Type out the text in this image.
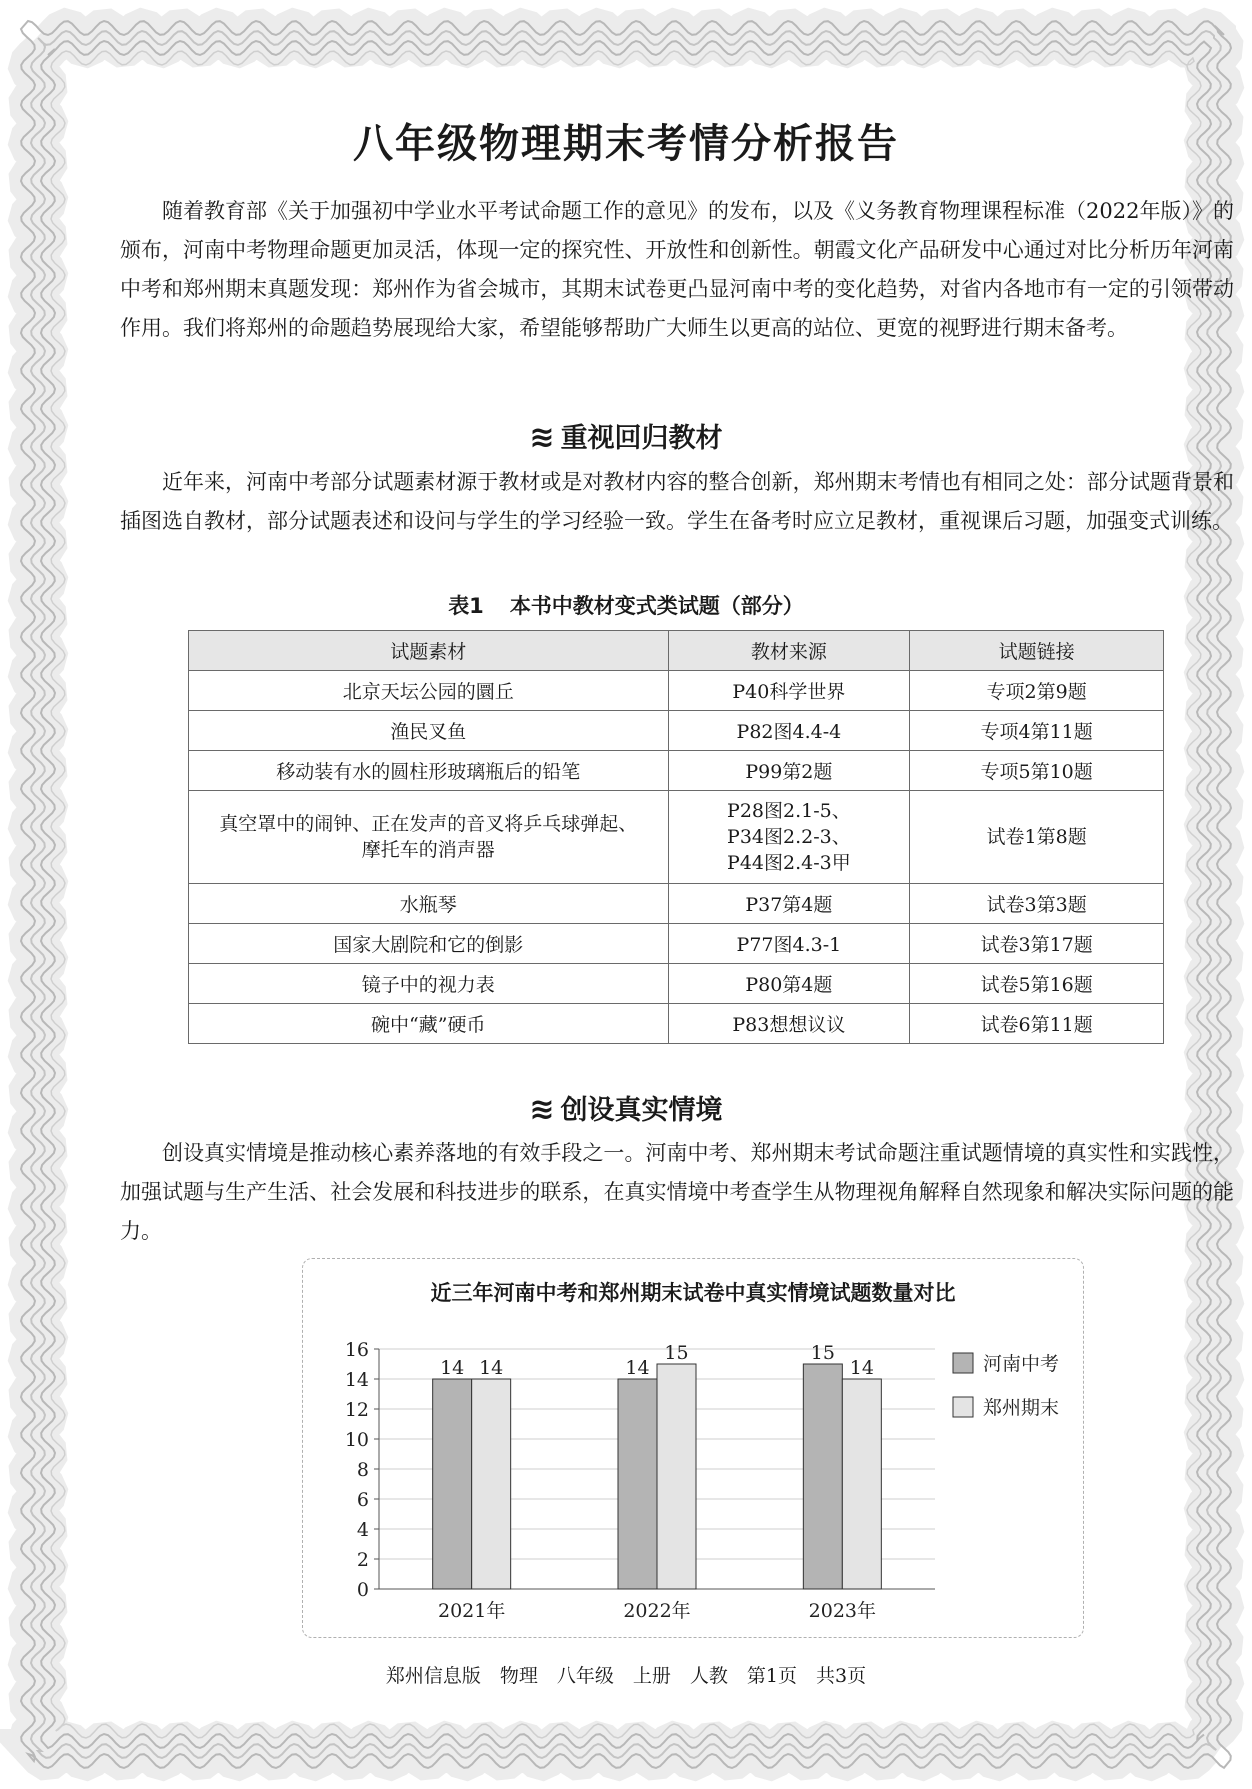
八年级物理期末考情分析报告

随着教育部《关于加强初中学业水平考试命题工作的意见》的发布，以及《义务教育物理课程标准（2022年版）》的颁布，河南中考物理命题更加灵活，体现一定的探究性、开放性和创新性。朝霞文化产品研发中心通过对比分析历年河南中考和郑州期末真题发现：郑州作为省会城市，其期末试卷更凸显河南中考的变化趋势，对省内各地市有一定的引领带动作用。我们将郑州的命题趋势展现给大家，希望能够帮助广大师生以更高的站位、更宽的视野进行期末备考。

≋ 重视回归教材

近年来，河南中考部分试题素材源于教材或是对教材内容的整合创新，郑州期末考情也有相同之处：部分试题背景和插图选自教材，部分试题表述和设问与学生的学习经验一致。学生在备考时应立足教材，重视课后习题，加强变式训练。

表1 本书中教材变式类试题（部分）
试题素材	教材来源	试题链接

北京天坛公园的圜丘	P40科学世界	专项2第9题

渔民叉鱼	P82图4.4-4	专项4第11题

移动装有水的圆柱形玻璃瓶后的铅笔	P99第2题	专项5第10题

真空罩中的闹钟、正在发声的音叉将乒乓球弹起、
摩托车的消声器	P28图2.1-5、
P34图2.2-3、
P44图2.4-3甲	试卷1第8题

水瓶琴	P37第4题	试卷3第3题

国家大剧院和它的倒影	P77图4.3-1	试卷3第17题

镜子中的视力表	P80第4题	试卷5第16题

碗中“藏”硬币	P83想想议议	试卷6第11题
≋ 创设真实情境

创设真实情境是推动核心素养落地的有效手段之一。河南中考、郑州期末考试命题注重试题情境的真实性和实践性，加强试题与生产生活、社会发展和科技进步的联系，在真实情境中考查学生从物理视角解释自然现象和解决实际问题的能力。

近三年河南中考和郑州期末试卷中真实情境试题数量对比
0
2
4
6
8
10
12
14
16
14 14
2021年
14
15
2022年
15
14
2023年
河南中考
郑州期末
郑州信息版　物理　八年级　上册　人教　第1页　共3页
